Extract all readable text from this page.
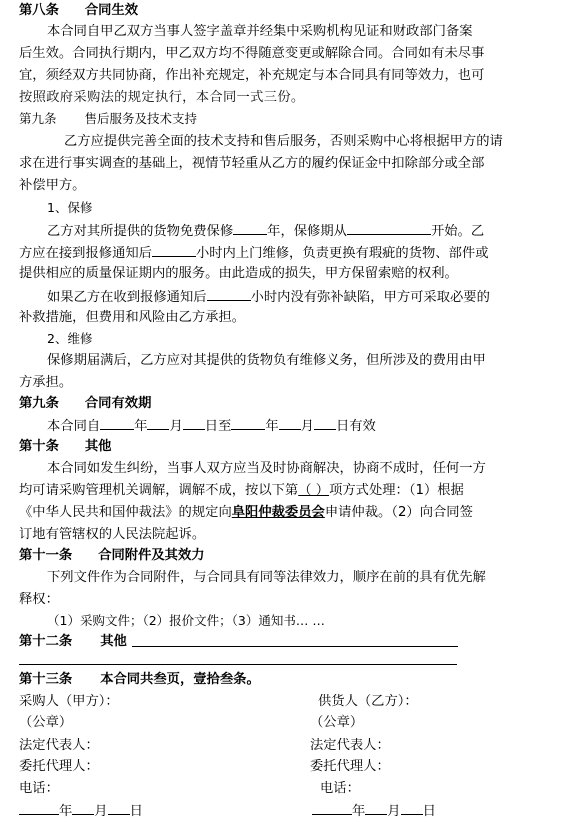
第八条 合同生效
本合同自甲乙双方当事人签字盖章并经集中采购机构见证和财政部门备案
后生效。合同执行期内，甲乙双方均不得随意变更或解除合同。合同如有未尽事
宜，须经双方共同协商，作出补充规定，补充规定与本合同具有同等效力，也可
按照政府采购法的规定执行，本合同一式三份。
第九条 售后服务及技术支持
乙方应提供完善全面的技术支持和售后服务，否则采购中心将根据甲方的请
求在进行事实调查的基础上，视情节轻重从乙方的履约保证金中扣除部分或全部
补偿甲方。
1、保修
乙方对其所提供的货物免费保修	年，保修期从	开始。乙
方应在接到报修通知后	小时内上门维修，负责更换有瑕疵的货物、部件或
提供相应的质量保证期内的服务。由此造成的损失，甲方保留索赔的权利。
如果乙方在收到报修通知后	小时内没有弥补缺陷，甲方可采取必要的
补救措施，但费用和风险由乙方承担。
2、维修
保修期届满后，乙方应对其提供的货物负有维修义务，但所涉及的费用由甲
方承担。
第九条 合同有效期
本合同自	年 月 日至	年 月 日有效
第十条 其他
本合同如发生纠纷，当事人双方应当及时协商解决，协商不成时，任何一方
均可请采购管理机关调解，调解不成，按以下第（ ）项方式处理：（1）根据
《中华人民共和国仲裁法》的规定向阜阳仲裁委员会申请仲裁。（2）向合同签
订地有管辖权的人民法院起诉。
第十一条 合同附件及其效力
下列文件作为合同附件，与合同具有同等法律效力，顺序在前的具有优先解
释权：
（1）采购文件；（2）报价文件；（3）通知书… …
第十二条 其他
第十三条 本合同共叁页，壹拾叁条。
采购人（甲方）：	供货人（乙方）：
（公章）	（公章）
法定代表人：	法定代表人：
委托代理人：	委托代理人：
电话：	电话：
年 月 日	年 月 日
